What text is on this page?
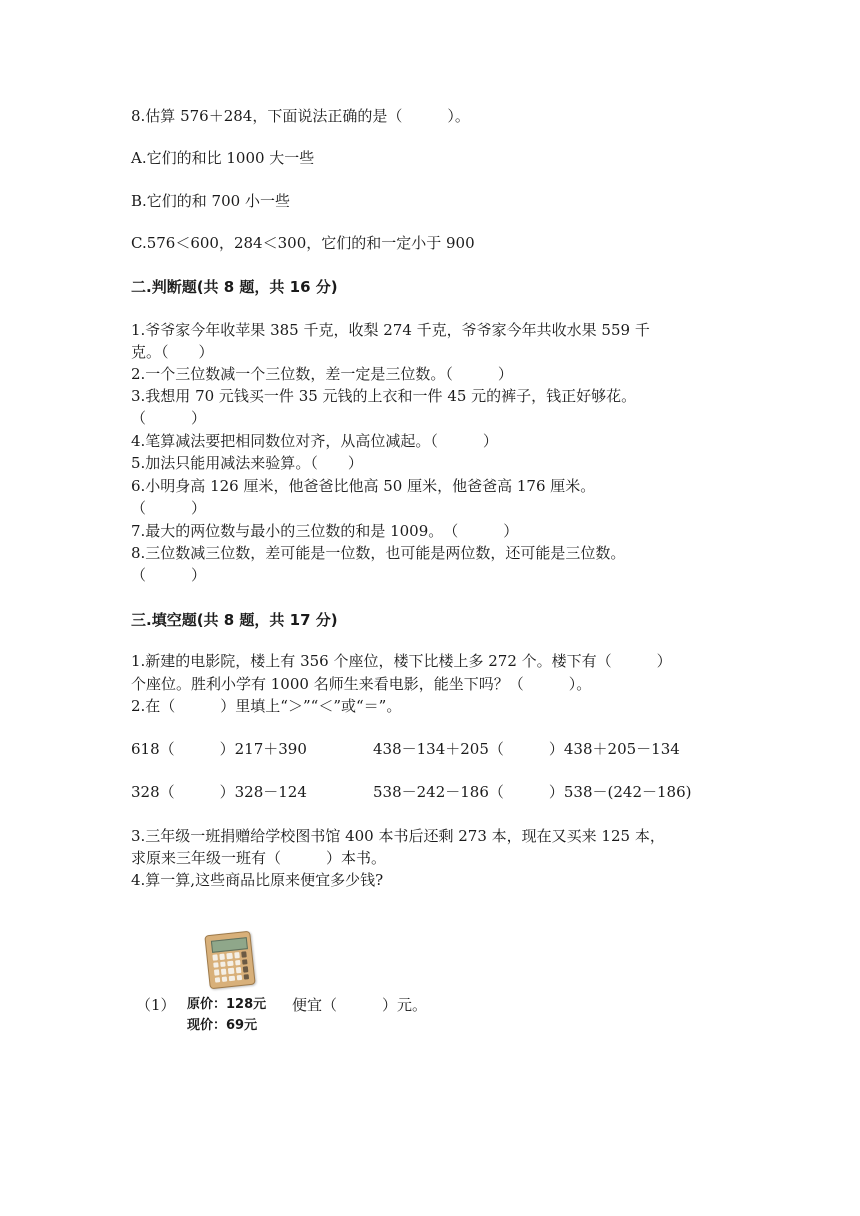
8.估算 576＋284，下面说法正确的是（　　　）。
A.它们的和比 1000 大一些
B.它们的和 700 小一些
C.576＜600，284＜300，它们的和一定小于 900
二.判断题(共 8 题，共 16 分)
1.爷爷家今年收苹果 385 千克，收梨 274 千克，爷爷家今年共收水果 559 千
克。（　　）
2.一个三位数减一个三位数，差一定是三位数。（　　　）
3.我想用 70 元钱买一件 35 元钱的上衣和一件 45 元的裤子，钱正好够花。
（　　　）
4.笔算减法要把相同数位对齐，从高位减起。（　　　）
5.加法只能用减法来验算。（　　）
6.小明身高 126 厘米，他爸爸比他高 50 厘米，他爸爸高 176 厘米。
（　　　）
7.最大的两位数与最小的三位数的和是 1009。　（　　　）
8.三位数减三位数，差可能是一位数，也可能是两位数，还可能是三位数。
（　　　）
三.填空题(共 8 题，共 17 分)
1.新建的电影院，楼上有 356 个座位，楼下比楼上多 272 个。楼下有（　　　）
个座位。胜利小学有 1000 名师生来看电影，能坐下吗？（　　　）。
2.在（　　　）里填上“＞”“＜”或“＝”。
618（　　　）217＋390	438－134＋205（　　　）438＋205－134
328（　　　）328－124	538－242－186（　　　）538－(242－186)
3.三年级一班捐赠给学校图书馆 400 本书后还剩 273 本，现在又买来 125 本，
求原来三年级一班有（　　　）本书。
4.算一算,这些商品比原来便宜多少钱?
（1） 原价：128元 便宜（　　　）元。
现价：69元
